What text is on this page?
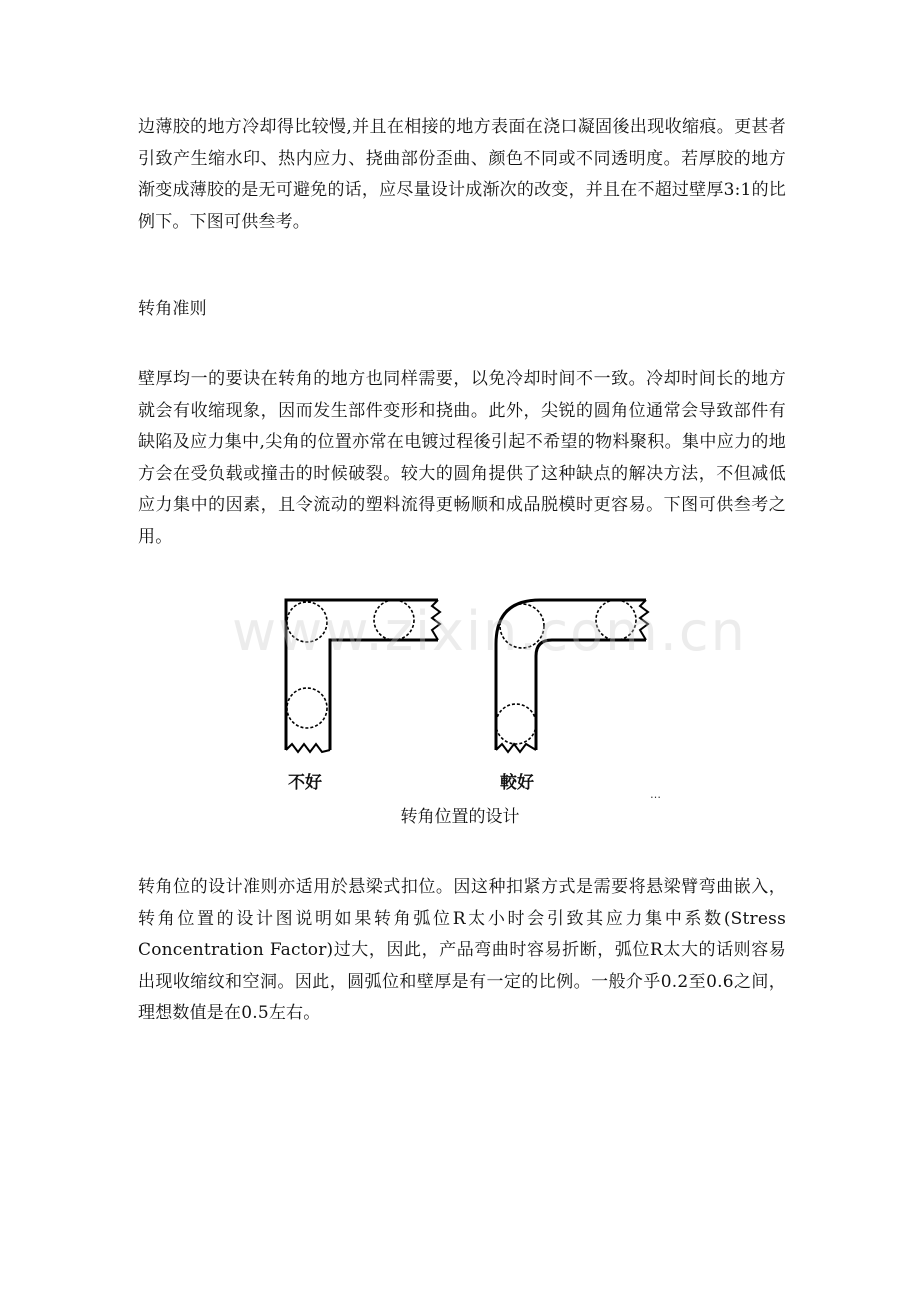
边薄胶的地方冷却得比较慢,并且在相接的地方表面在浇口凝固後出现收缩痕。更甚者引致产生缩水印、热内应力、挠曲部份歪曲、颜色不同或不同透明度。若厚胶的地方渐变成薄胶的是无可避免的话，应尽量设计成渐次的改变，并且在不超过壁厚3:1的比例下。下图可供叁考。

转角准则

壁厚均一的要诀在转角的地方也同样需要，以免冷却时间不一致。冷却时间长的地方就会有收缩现象，因而发生部件变形和挠曲。此外，尖锐的圆角位通常会导致部件有缺陷及应力集中,尖角的位置亦常在电镀过程後引起不希望的物料聚积。集中应力的地方会在受负载或撞击的时候破裂。较大的圆角提供了这种缺点的解决方法，不但减低应力集中的因素，且令流动的塑料流得更畅顺和成品脱模时更容易。下图可供叁考之用。

不好	較好
…
转角位置的设计

转角位的设计准则亦适用於悬梁式扣位。因这种扣紧方式是需要将悬梁臂弯曲嵌入，转角位置的设计图说明如果转角弧位R太小时会引致其应力集中系数(Stress Concentration Factor)过大，因此，产品弯曲时容易折断，弧位R太大的话则容易出现收缩纹和空洞。因此，圆弧位和壁厚是有一定的比例。一般介乎0.2至0.6之间，理想数值是在0.5左右。

www.zixin.com.cn
